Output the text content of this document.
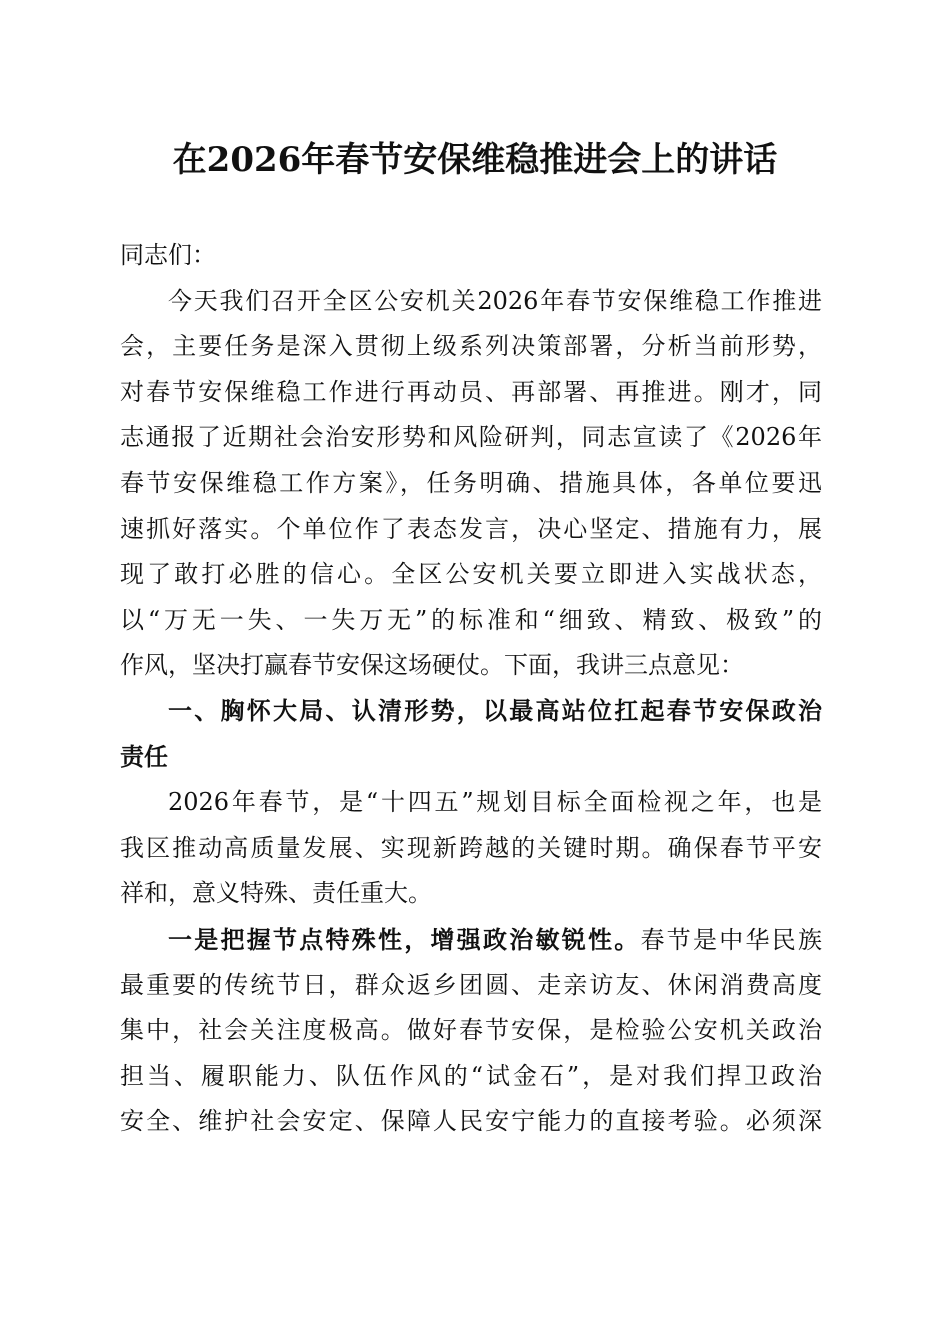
在2026年春节安保维稳推进会上的讲话
同志们：
今天我们召开全区公安机关2026年春节安保维稳工作推进
会，主要任务是深入贯彻上级系列决策部署，分析当前形势，
对春节安保维稳工作进行再动员、再部署、再推进。刚才，同
志通报了近期社会治安形势和风险研判，同志宣读了《2026年
春节安保维稳工作方案》，任务明确、措施具体，各单位要迅
速抓好落实。个单位作了表态发言，决心坚定、措施有力，展
现了敢打必胜的信心。全区公安机关要立即进入实战状态，
以“万无一失、一失万无”的标准和“细致、精致、极致”的
作风，坚决打赢春节安保这场硬仗。下面，我讲三点意见：
一、胸怀大局、认清形势，以最高站位扛起春节安保政治
责任
2026年春节，是“十四五”规划目标全面检视之年，也是
我区推动高质量发展、实现新跨越的关键时期。确保春节平安
祥和，意义特殊、责任重大。
一是把握节点特殊性，增强政治敏锐性。春节是中华民族
最重要的传统节日，群众返乡团圆、走亲访友、休闲消费高度
集中，社会关注度极高。做好春节安保，是检验公安机关政治
担当、履职能力、队伍作风的“试金石”，是对我们捍卫政治
安全、维护社会安定、保障人民安宁能力的直接考验。必须深
